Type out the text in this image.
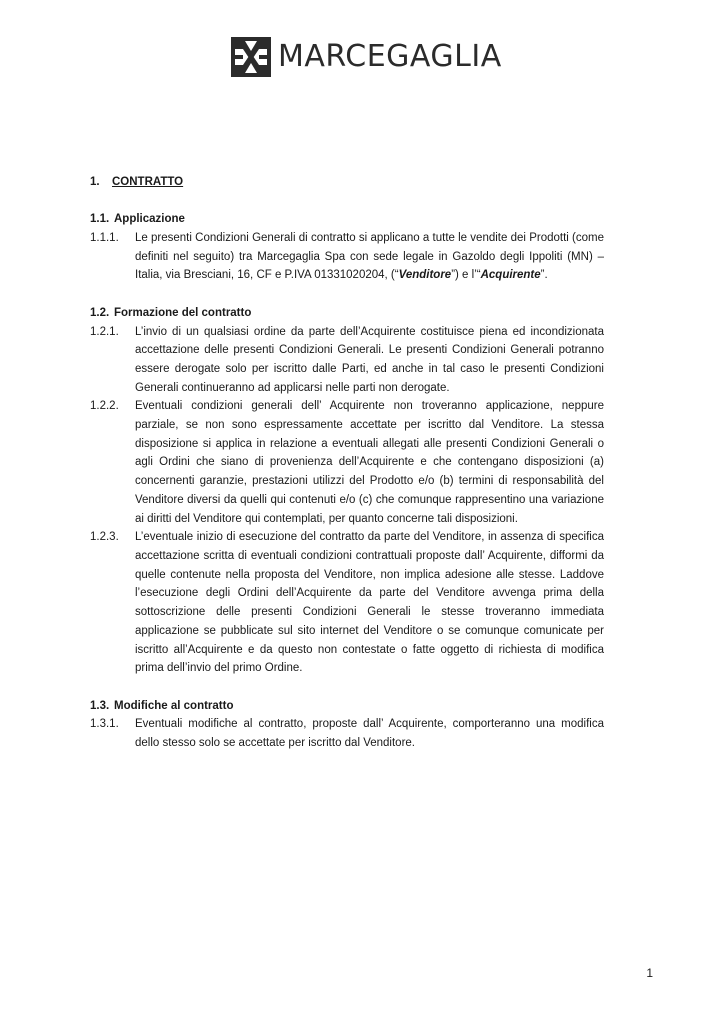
MARCEGAGLIA
1.	CONTRATTO
1.1. Applicazione
1.1.1.	Le presenti Condizioni Generali di contratto si applicano a tutte le vendite dei Prodotti (come definiti nel seguito) tra Marcegaglia Spa con sede legale in Gazoldo degli Ippoliti (MN) – Italia, via Bresciani, 16, CF e P.IVA 01331020204, (“Venditore”) e l’“Acquirente”.
1.2. Formazione del contratto
1.2.1.	L’invio di un qualsiasi ordine da parte dell’Acquirente costituisce piena ed incondizionata accettazione delle presenti Condizioni Generali. Le presenti Condizioni Generali potranno essere derogate solo per iscritto dalle Parti, ed anche in tal caso le presenti Condizioni Generali continueranno ad applicarsi nelle parti non derogate.
1.2.2.	Eventuali condizioni generali dell’ Acquirente non troveranno applicazione, neppure parziale, se non sono espressamente accettate per iscritto dal Venditore. La stessa disposizione si applica in relazione a eventuali allegati alle presenti Condizioni Generali o agli Ordini che siano di provenienza dell’Acquirente e che contengano disposizioni (a) concernenti garanzie, prestazioni utilizzi del Prodotto e/o (b) termini di responsabilità del Venditore diversi da quelli qui contenuti e/o (c) che comunque rappresentino una variazione ai diritti del Venditore qui contemplati, per quanto concerne tali disposizioni.
1.2.3.	L’eventuale inizio di esecuzione del contratto da parte del Venditore, in assenza di specifica accettazione scritta di eventuali condizioni contrattuali proposte dall’ Acquirente, difformi da quelle contenute nella proposta del Venditore, non implica adesione alle stesse. Laddove l’esecuzione degli Ordini dell’Acquirente da parte del Venditore avvenga prima della sottoscrizione delle presenti Condizioni Generali le stesse troveranno immediata applicazione se pubblicate sul sito internet del Venditore o se comunque comunicate per iscritto all’Acquirente e da questo non contestate o fatte oggetto di richiesta di modifica prima dell’invio del primo Ordine.
1.3. Modifiche al contratto
1.3.1.	Eventuali modifiche al contratto, proposte dall’ Acquirente, comporteranno una modifica dello stesso solo se accettate per iscritto dal Venditore.
1
